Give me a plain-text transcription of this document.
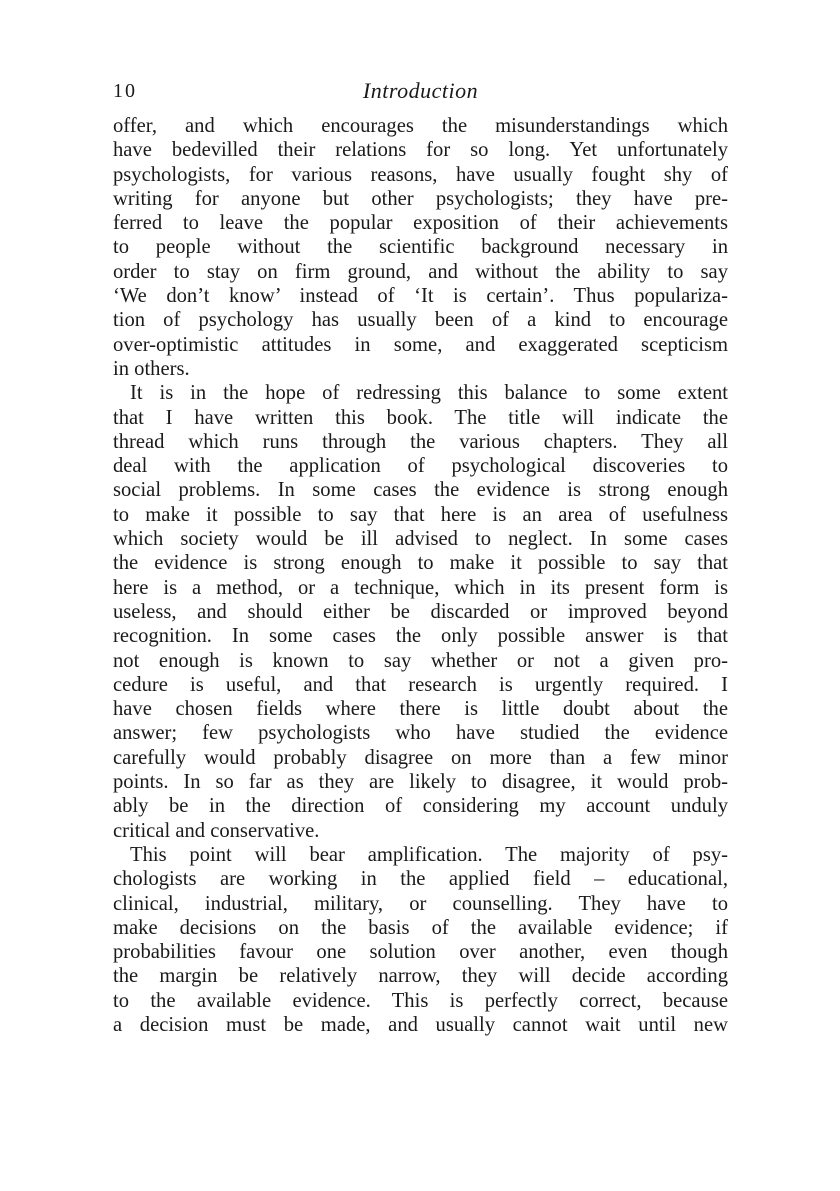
10	Introduction
offer, and which encourages the misunderstandings which
have bedevilled their relations for so long. Yet unfortunately
psychologists, for various reasons, have usually fought shy of
writing for anyone but other psychologists; they have pre-
ferred to leave the popular exposition of their achievements
to people without the scientific background necessary in
order to stay on firm ground, and without the ability to say
‘We don’t know’ instead of ‘It is certain’. Thus populariza-
tion of psychology has usually been of a kind to encourage
over-optimistic attitudes in some, and exaggerated scepticism
in others.
It is in the hope of redressing this balance to some extent
that I have written this book. The title will indicate the
thread which runs through the various chapters. They all
deal with the application of psychological discoveries to
social problems. In some cases the evidence is strong enough
to make it possible to say that here is an area of usefulness
which society would be ill advised to neglect. In some cases
the evidence is strong enough to make it possible to say that
here is a method, or a technique, which in its present form is
useless, and should either be discarded or improved beyond
recognition. In some cases the only possible answer is that
not enough is known to say whether or not a given pro-
cedure is useful, and that research is urgently required. I
have chosen fields where there is little doubt about the
answer; few psychologists who have studied the evidence
carefully would probably disagree on more than a few minor
points. In so far as they are likely to disagree, it would prob-
ably be in the direction of considering my account unduly
critical and conservative.
This point will bear amplification. The majority of psy-
chologists are working in the applied field – educational,
clinical, industrial, military, or counselling. They have to
make decisions on the basis of the available evidence; if
probabilities favour one solution over another, even though
the margin be relatively narrow, they will decide according
to the available evidence. This is perfectly correct, because
a decision must be made, and usually cannot wait until new
